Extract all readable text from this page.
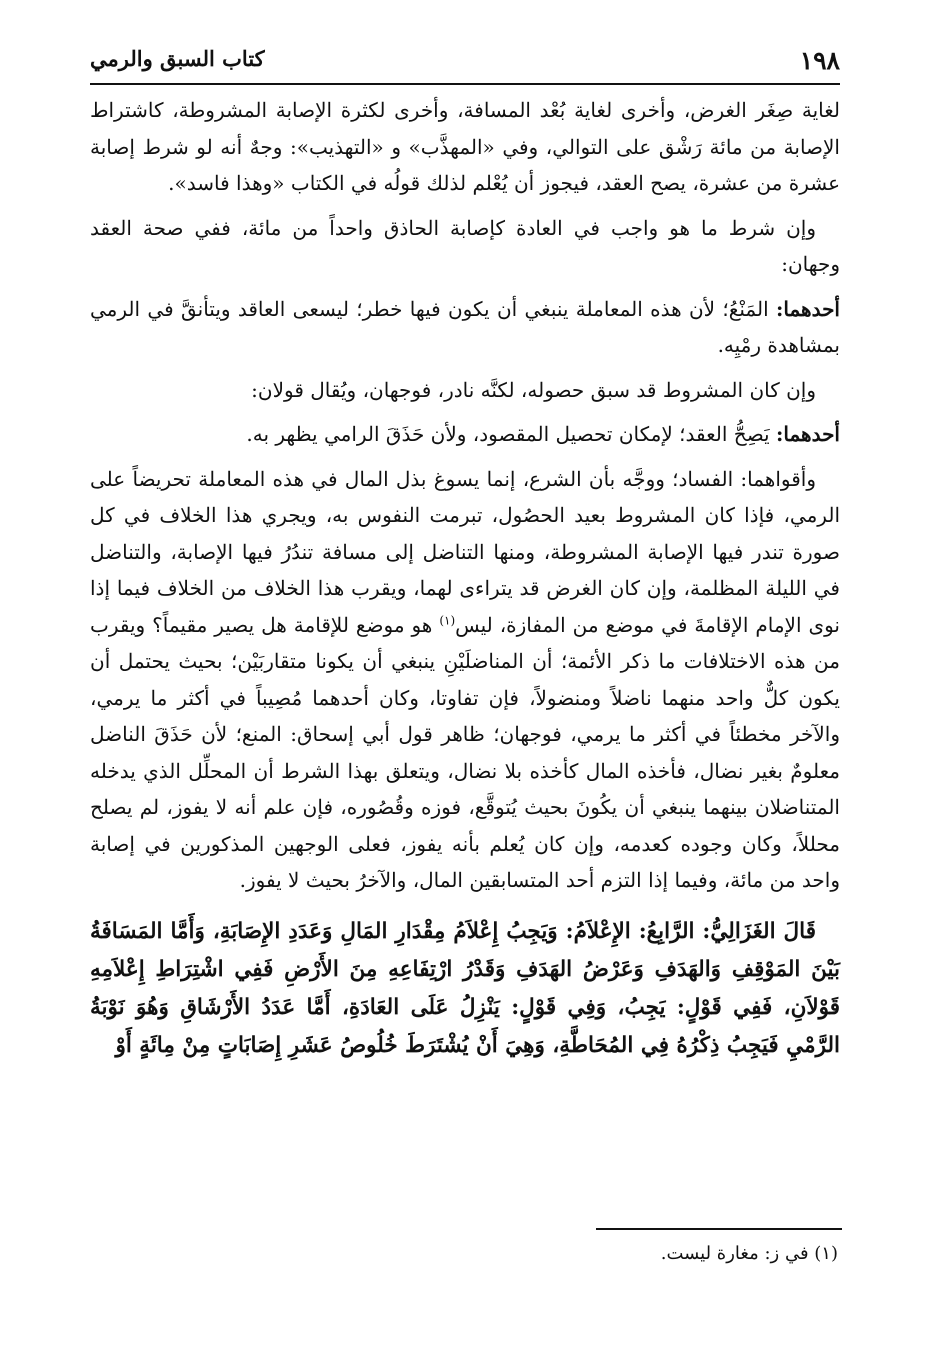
١٩٨
كتاب السبق والرمي

لغاية صِغَر الغرض، وأخرى لغاية بُعْد المسافة، وأخرى لكثرة الإصابة المشروطة، كاشتراط الإصابة من مائة رَشْق على التوالي، وفي «المهذَّب» و «التهذيب»: وجهٌ أنه لو شرط إصابة عشرة من عشرة، يصح العقد، فيجوز أن يُعْلم لذلك قولُه في الكتاب «وهذا فاسد».

وإن شرط ما هو واجب في العادة كإصابة الحاذق واحداً من مائة، ففي صحة العقد وجهان:

أحدهما: المَنْعُ؛ لأن هذه المعاملة ينبغي أن يكون فيها خطر؛ ليسعى العاقد ويتأنقَّ في الرمي بمشاهدة رمْيِه.

وإن كان المشروط قد سبق حصوله، لكنَّه نادر، فوجهان، ويُقال قولان:

أحدهما: يَصِحُّ العقد؛ لإمكان تحصيل المقصود، ولأن حَذَقَ الرامي يظهر به.

وأقواهما: الفساد؛ ووجَّه بأن الشرع، إنما يسوغ بذل المال في هذه المعاملة تحريضاً على الرمي، فإذا كان المشروط بعيد الحصُول، تبرمت النفوس به، ويجري هذا الخلاف في كل صورة تندر فيها الإصابة المشروطة، ومنها التناضل إلى مسافة تندُرُ فيها الإصابة، والتناضل في الليلة المظلمة، وإن كان الغرض قد يتراءى لهما، ويقرب هذا الخلاف من الخلاف فيما إذا نوى الإمام الإقامةَ في موضع من المفازة، ليس$^{(١)}$ هو موضع للإقامة هل يصير مقيماً؟ ويقرب من هذه الاختلافات ما ذكر الأئمة؛ أن المناضلَيْنِ ينبغي أن يكونا متقاربَيْن؛ بحيث يحتمل أن يكون كلٌّ واحد منهما ناضلاً ومنضولاً، فإن تفاوتا، وكان أحدهما مُصِيباً في أكثر ما يرمي، والآخر مخطئاً في أكثر ما يرمي، فوجهان؛ ظاهر قول أبي إسحاق: المنع؛ لأن حَذَقَ الناضل معلومٌ بغير نضال، فأخذه المال كأخذه بلا نضال، ويتعلق بهذا الشرط أن المحلِّل الذي يدخله المتناضلان بينهما ينبغي أن يكُونَ بحيث يُتوقَّع، فوزه وقُصُوره، فإن علم أنه لا يفوز، لم يصلح محللاً، وكان وجوده كعدمه، وإن كان يُعلم بأنه يفوز، فعلى الوجهين المذكورين في إصابة واحد من مائة، وفيما إذا التزم أحد المتسابقين المال، والآخرُ بحيث لا يفوز.

قَالَ الغَزَالِيُّ: الرَّابِعُ: الإِعْلاَمُ: وَيَجِبُ إِعْلاَمُ مِقْدَارِ المَالِ وَعَدَدِ الإِصَابَةِ، وَأَمَّا المَسَافَةُ بَيْنَ المَوْقِفِ وَالهَدَفِ وَعَرْضُ الهَدَفِ وَقَدْرُ ارْتِفَاعِهِ مِنَ الأَرْضِ فَفِي اشْتِرَاطِ إِعْلاَمِهِ قَوْلاَنِ، فَفِي قَوْلٍ: يَجِبُ، وَفِي قَوْلٍ: يَنْزِلُ عَلَى العَادَةِ، أَمَّا عَدَدُ الأَرْشَاقِ وَهُوَ نَوْبَةُ الرَّمْيِ فَيَجِبُ ذِكْرُهُ فِي المُحَاطَّةِ، وَهِيَ أَنْ يُشْتَرَطَ خُلُوصُ عَشَرِ إِصَابَاتٍ مِنْ مِائَةٍ أَوْ

(١) في ز: مغارة ليست.
